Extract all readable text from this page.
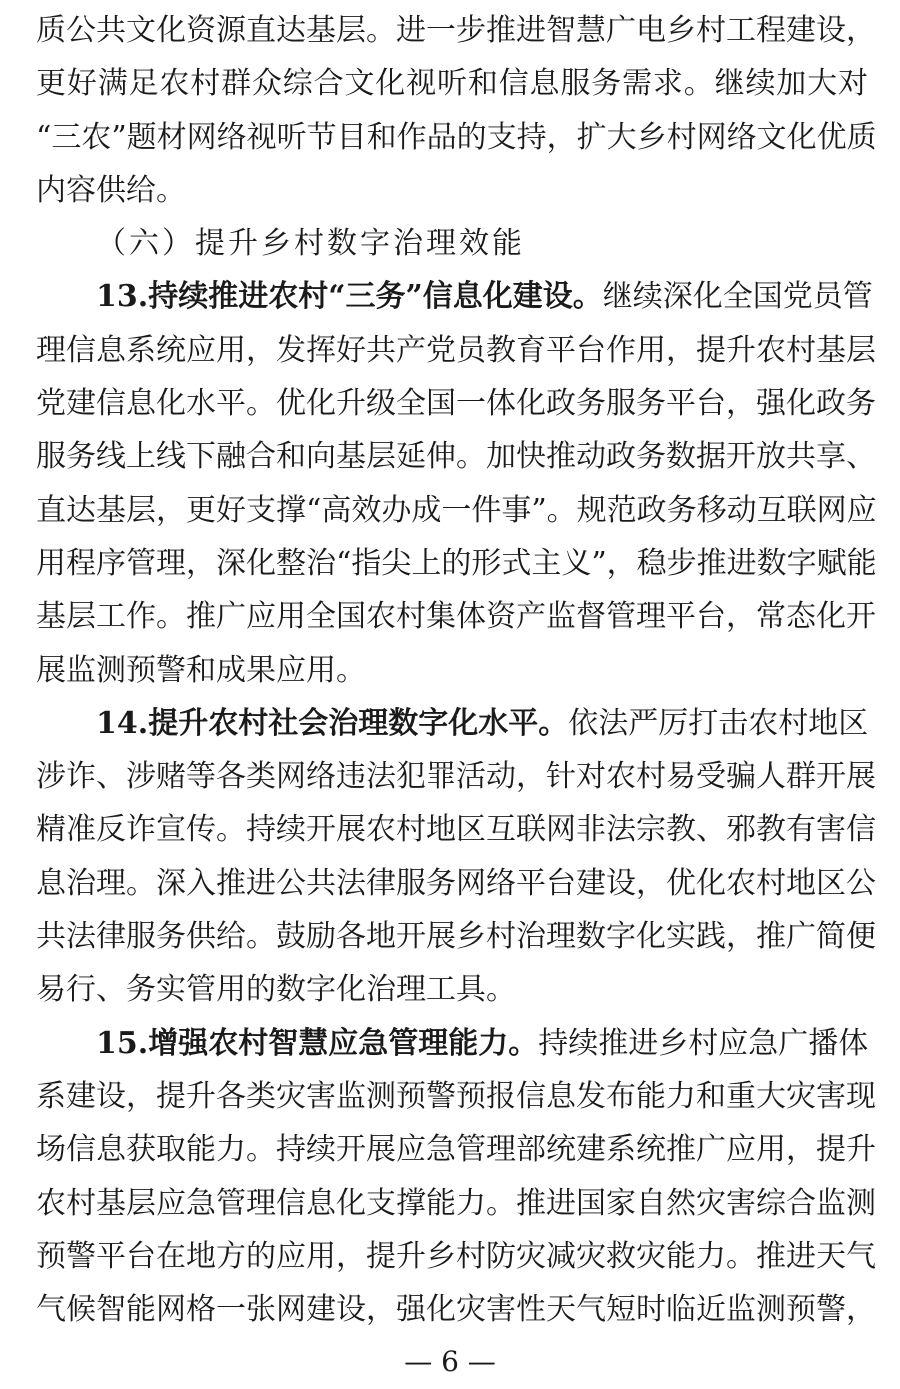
质公共文化资源直达基层。进一步推进智慧广电乡村工程建设，
更好满足农村群众综合文化视听和信息服务需求。继续加大对
“三农”题材网络视听节目和作品的支持，扩大乡村网络文化优质
内容供给。
（六）提升乡村数字治理效能
13.持续推进农村“三务”信息化建设。继续深化全国党员管
理信息系统应用，发挥好共产党员教育平台作用，提升农村基层
党建信息化水平。优化升级全国一体化政务服务平台，强化政务
服务线上线下融合和向基层延伸。加快推动政务数据开放共享、
直达基层，更好支撑“高效办成一件事”。规范政务移动互联网应
用程序管理，深化整治“指尖上的形式主义”，稳步推进数字赋能
基层工作。推广应用全国农村集体资产监督管理平台，常态化开
展监测预警和成果应用。
14.提升农村社会治理数字化水平。依法严厉打击农村地区
涉诈、涉赌等各类网络违法犯罪活动，针对农村易受骗人群开展
精准反诈宣传。持续开展农村地区互联网非法宗教、邪教有害信
息治理。深入推进公共法律服务网络平台建设，优化农村地区公
共法律服务供给。鼓励各地开展乡村治理数字化实践，推广简便
易行、务实管用的数字化治理工具。
15.增强农村智慧应急管理能力。持续推进乡村应急广播体
系建设，提升各类灾害监测预警预报信息发布能力和重大灾害现
场信息获取能力。持续开展应急管理部统建系统推广应用，提升
农村基层应急管理信息化支撑能力。推进国家自然灾害综合监测
预警平台在地方的应用，提升乡村防灾减灾救灾能力。推进天气
气候智能网格一张网建设，强化灾害性天气短时临近监测预警，
— 6 —
